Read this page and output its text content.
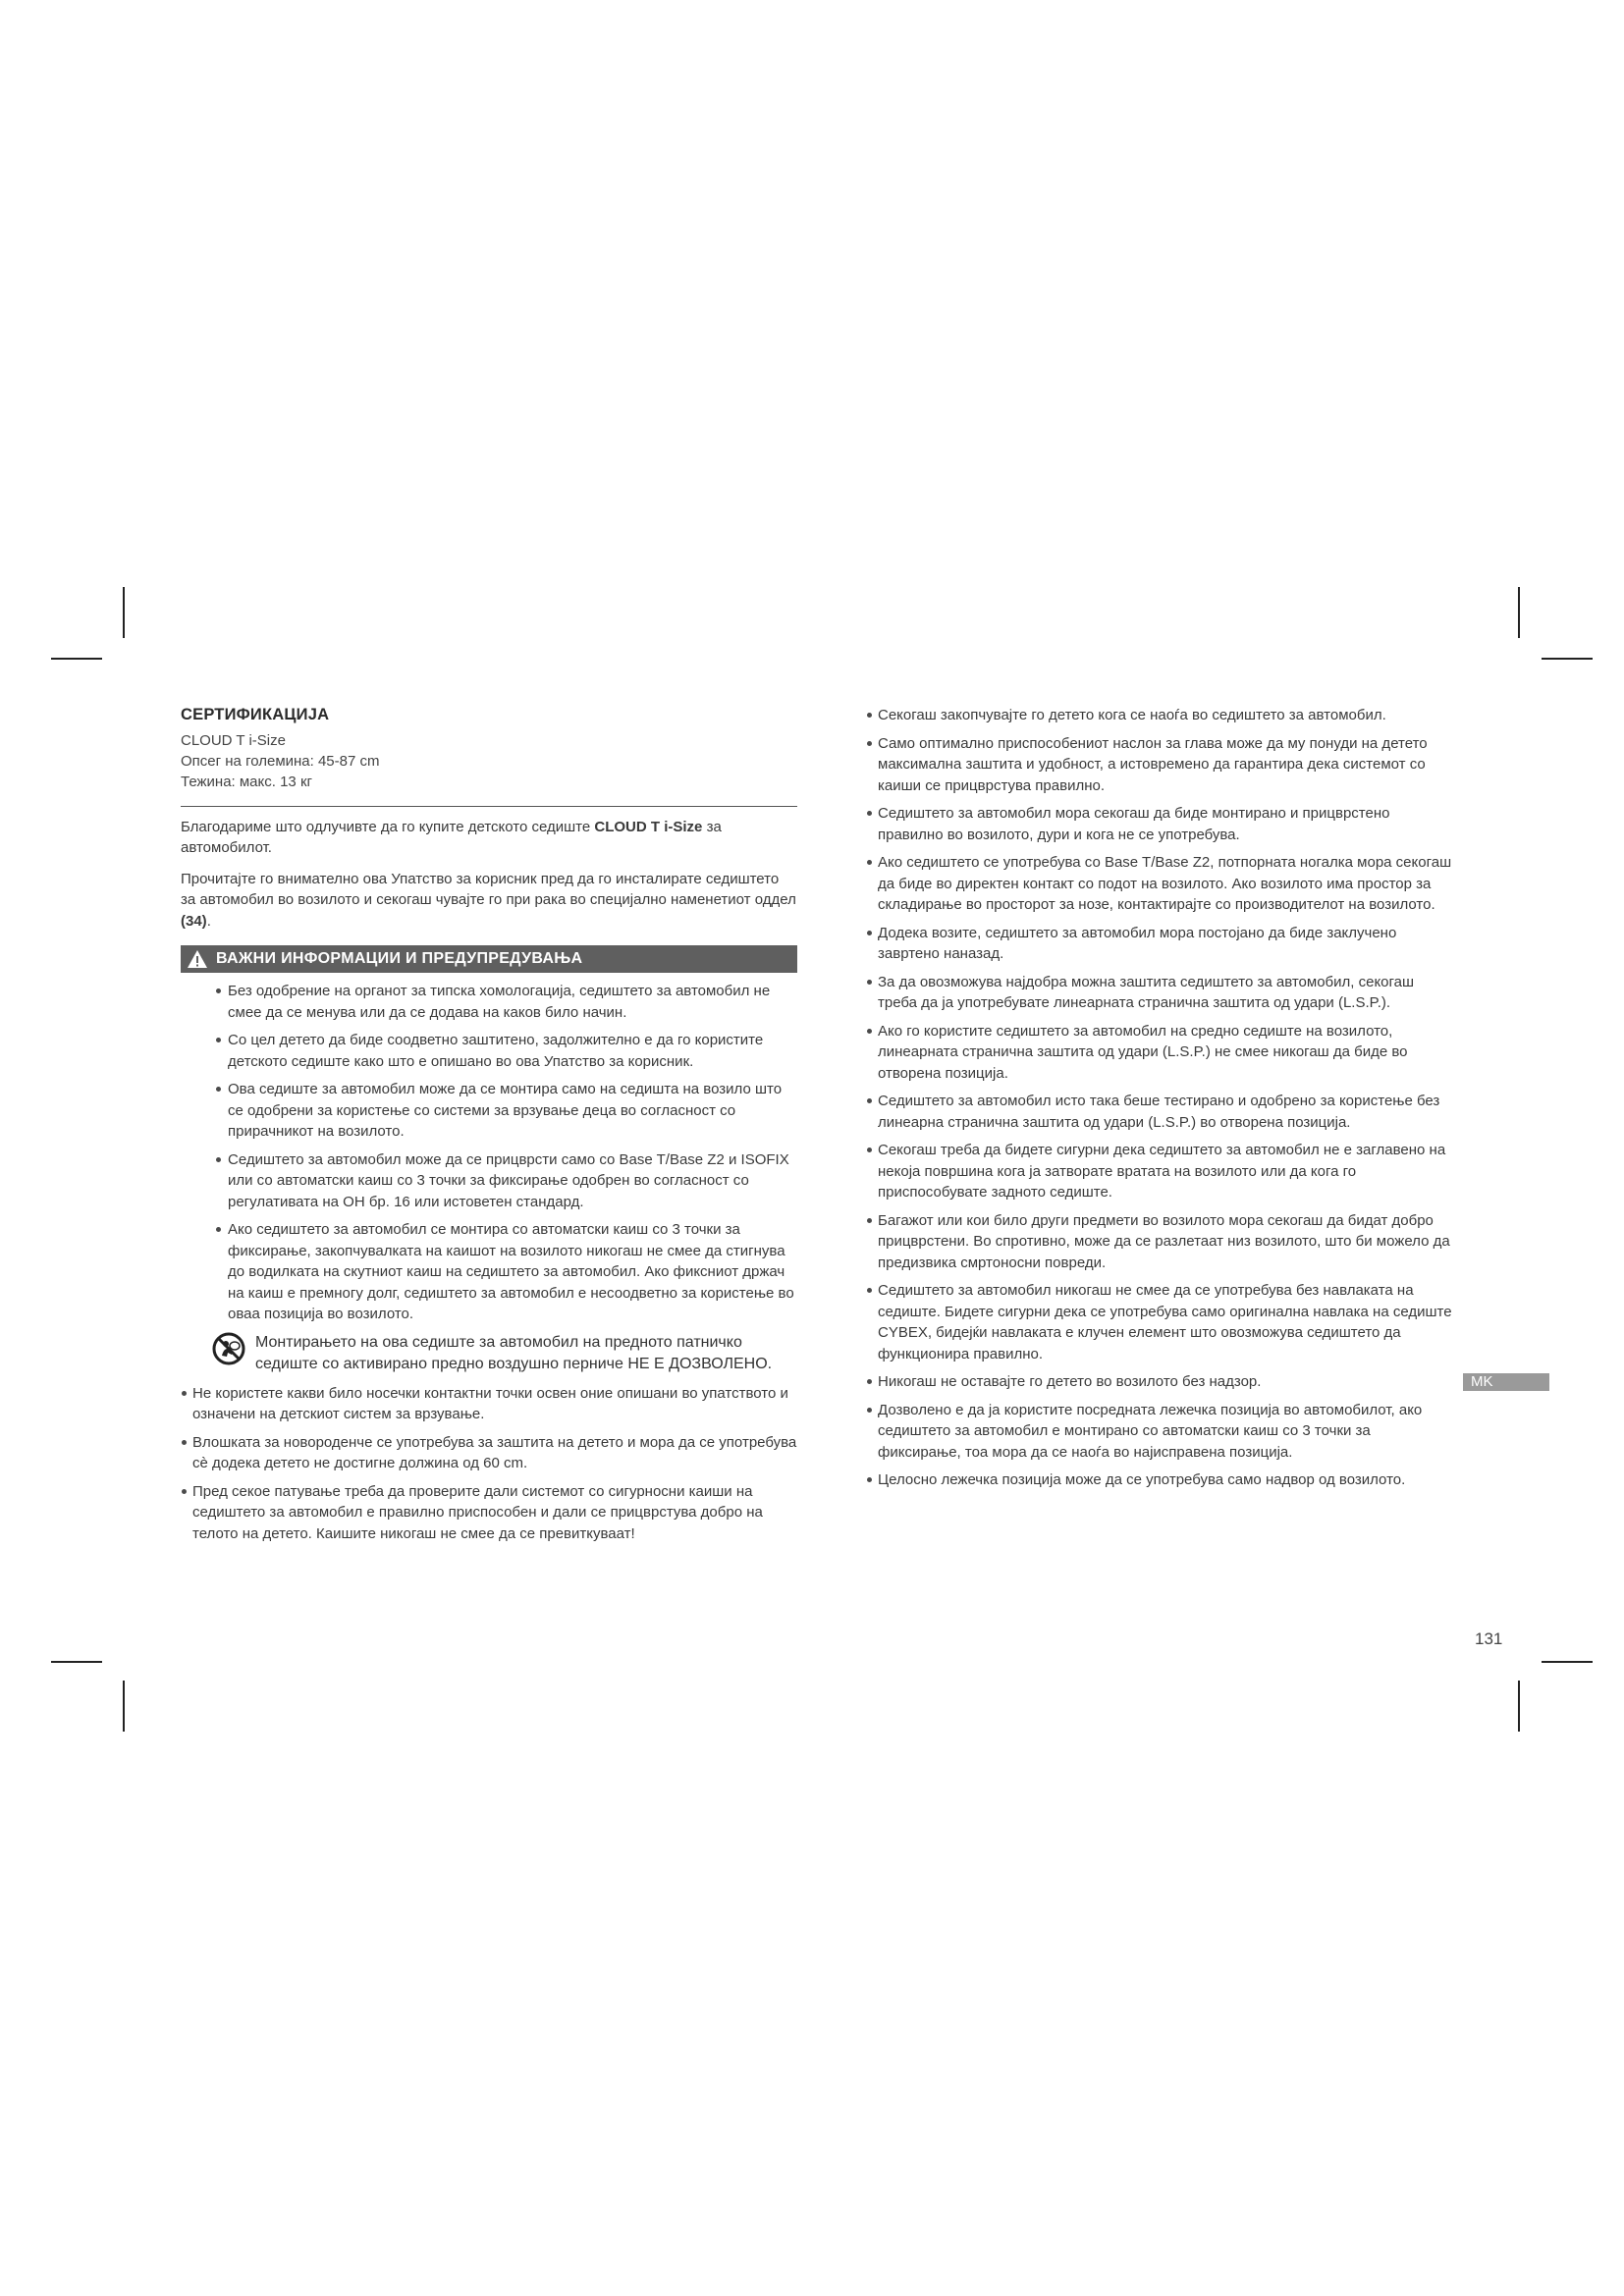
СЕРТИФИКАЦИЈА
CLOUD T i-Size
Опсег на големина: 45-87 cm
Тежина: макс. 13 кг

Благодариме што одлучивте да го купите детското седиште CLOUD T i-Size за автомобилот.

Прочитајте го внимателно ова Упатство за корисник пред да го инсталирате седиштето за автомобил во возилото и секогаш чувајте го при рака во специјално наменетиот оддел (34).

ВАЖНИ ИНФОРМАЦИИ И ПРЕДУПРЕДУВАЊА
Без одобрение на органот за типска хомологација, седиштето за автомобил не смее да се менува или да се додава на каков било начин.
Со цел детето да биде соодветно заштитено, задолжително е да го користите детското седиште како што е опишано во ова Упатство за корисник.
Ова седиште за автомобил може да се монтира само на седишта на возило што се одобрени за користење со системи за врзување деца во согласност со прирачникот на возилото.
Седиштето за автомобил може да се прицврсти само со Base T/Base Z2 и ISOFIX или со автоматски каиш со 3 точки за фиксирање одобрен во согласност со регулативата на ОН бр. 16 или истоветен стандард.
Ако седиштето за автомобил се монтира со автоматски каиш со 3 точки за фиксирање, закопчувалката на каишот на возилото никогаш не смее да стигнува до водилката на скутниот каиш на седиштето за автомобил. Ако фиксниот држач на каиш е премногу долг, седиштето за автомобил е несоодветно за користење во оваа позиција во возилото.
Монтирањето на ова седиште за автомобил на предното патничко седиште со активирано предно воздушно перниче НЕ Е ДОЗВОЛЕНО.
Не користете какви било носечки контактни точки освен оние опишани во упатството и означени на детскиот систем за врзување.
Влошката за новороденче се употребува за заштита на детето и мора да се употребува сè додека детето не достигне должина од 60 cm.
Пред секое патување треба да проверите дали системот со сигурносни каиши на седиштето за автомобил е правилно приспособен и дали се прицврстува добро на телото на детето. Каишите никогаш не смее да се превиткуваат!
Секогаш закопчувајте го детето кога се наоѓа во седиштето за автомобил.
Само оптимално приспособениот наслон за глава може да му понуди на детето максимална заштита и удобност, а истовремено да гарантира дека системот со каиши се прицврстува правилно.
Седиштето за автомобил мора секогаш да биде монтирано и прицврстено правилно во возилото, дури и кога не се употребува.
Ако седиштето се употребува со Base T/Base Z2, потпорната ногалка мора секогаш да биде во директен контакт со подот на возилото. Ако возилото има простор за складирање во просторот за нозе, контактирајте со производителот на возилото.
Додека возите, седиштето за автомобил мора постојано да биде заклучено завртено наназад.
За да овозможува најдобра можна заштита седиштето за автомобил, секогаш треба да ја употребувате линеарната странична заштита од удари (L.S.P.).
Ако го користите седиштето за автомобил на средно седиште на возилото, линеарната странична заштита од удари (L.S.P.) не смее никогаш да биде во отворена позиција.
Седиштето за автомобил исто така беше тестирано и одобрено за користење без линеарна странична заштита од удари (L.S.P.) во отворена позиција.
Секогаш треба да бидете сигурни дека седиштето за автомобил не е заглавено на некоја површина кога ја затворате вратата на возилото или да кога го приспособувате задното седиште.
Багажот или кои било други предмети во возилото мора секогаш да бидат добро прицврстени. Во спротивно, може да се разлетаат низ возилото, што би можело да предизвика смртоносни повреди.
Седиштето за автомобил никогаш не смее да се употребува без навлаката на седиште. Бидете сигурни дека се употребува само оригинална навлака на седиште CYBEX, бидејќи навлаката е клучен елемент што овозможува седиштето да функционира правилно.
Никогаш не оставајте го детето во возилото без надзор.
Дозволено е да ја користите посредната лежечка позиција во автомобилот, ако седиштето за автомобил е монтирано со автоматски каиш со 3 точки за фиксирање, тоа мора да се наоѓа во најисправена позиција.
Целосно лежечка позиција може да се употребува само надвор од возилото.
MK
131
